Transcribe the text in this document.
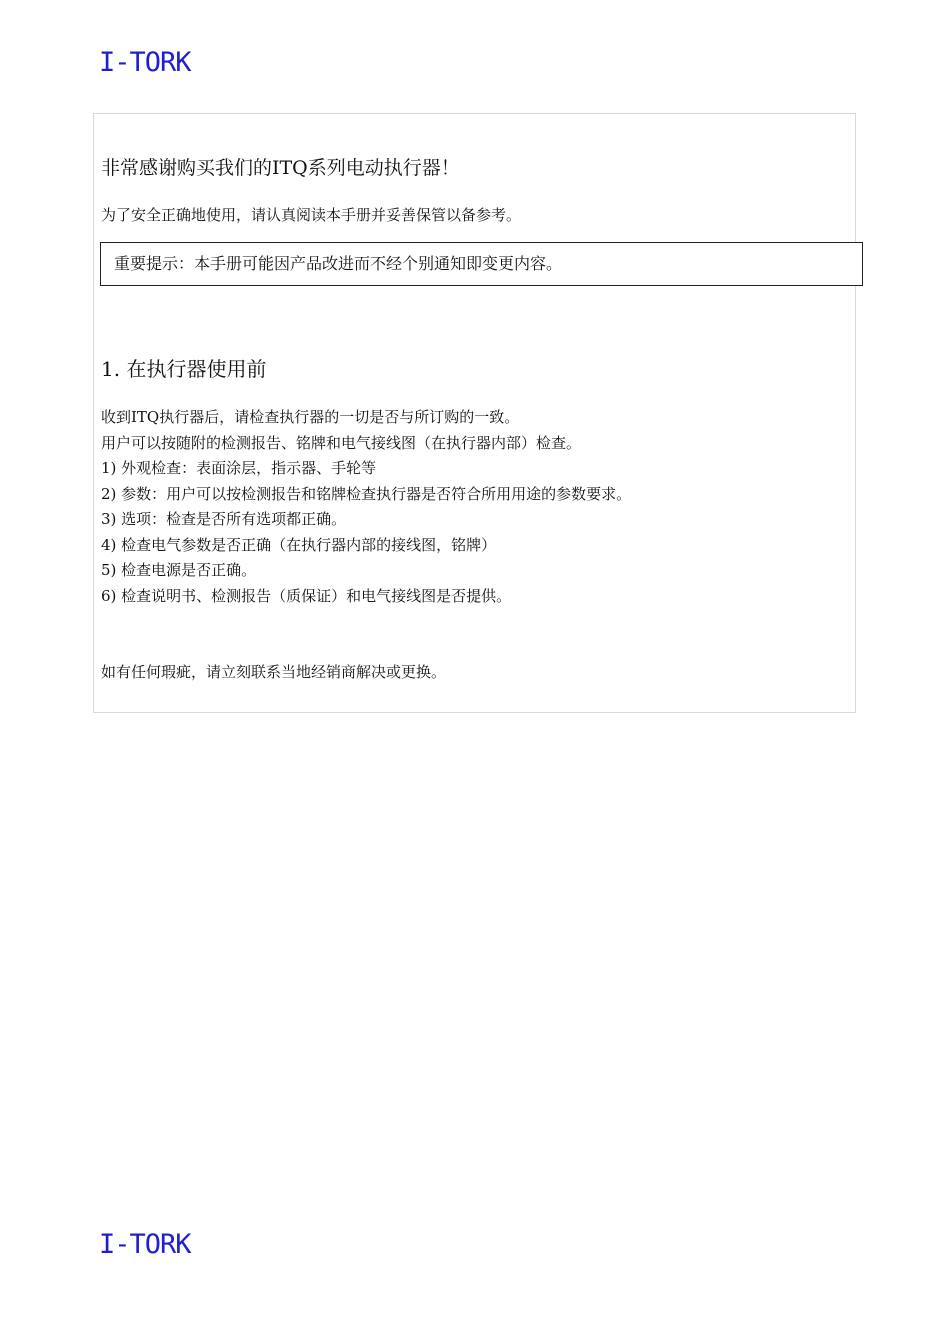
I-TORK
非常感谢购买我们的ITQ系列电动执行器！
为了安全正确地使用，请认真阅读本手册并妥善保管以备参考。
重要提示：本手册可能因产品改进而不经个别通知即变更内容。
1. 在执行器使用前
收到ITQ执行器后，请检查执行器的一切是否与所订购的一致。
用户可以按随附的检测报告、铭牌和电气接线图（在执行器内部）检查。
1) 外观检查：表面涂层，指示器、手轮等
2) 参数：用户可以按检测报告和铭牌检查执行器是否符合所用用途的参数要求。
3) 选项：检查是否所有选项都正确。
4) 检查电气参数是否正确（在执行器内部的接线图，铭牌）
5) 检查电源是否正确。
6) 检查说明书、检测报告（质保证）和电气接线图是否提供。
如有任何瑕疵，请立刻联系当地经销商解决或更换。
I-TORK
